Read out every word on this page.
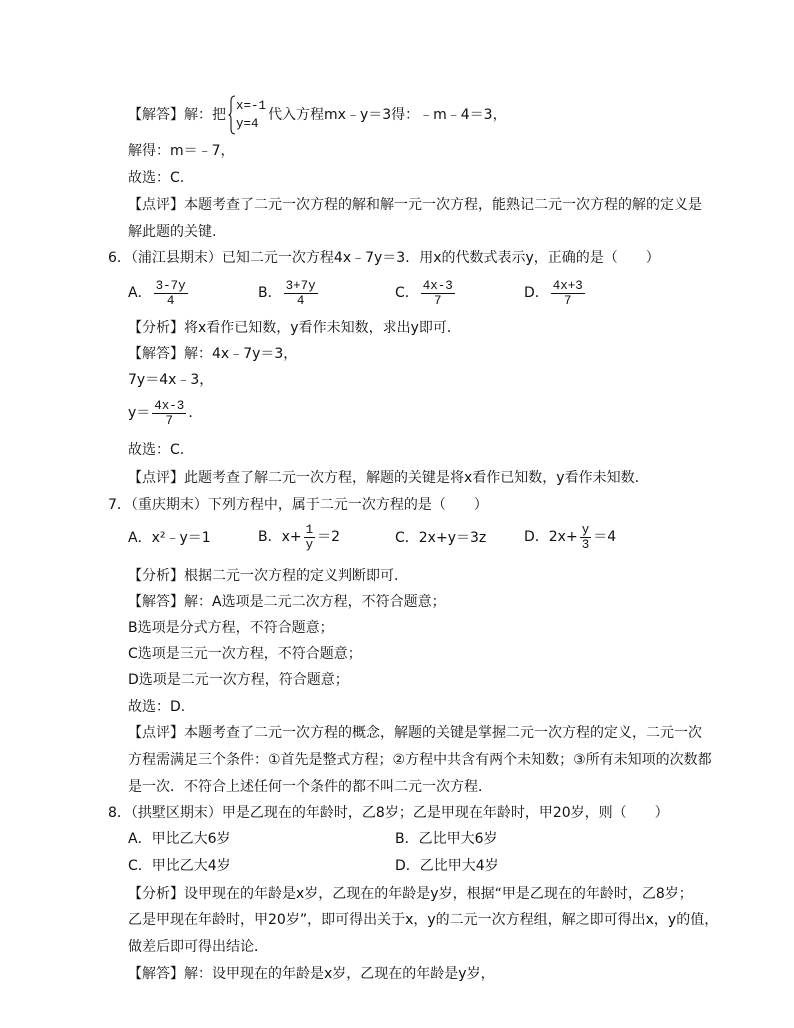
【解答】解：把
x=-1
y=4
代入方程mx﹣y＝3得：﹣m﹣4＝3，
解得：m＝﹣7，
故选：C.
【点评】本题考查了二元一次方程的解和解一元一次方程，能熟记二元一次方程的解的定义是
解此题的关键.
6．（浦江县期末）已知二元一次方程4x﹣7y＝3．用x的代数式表示y，正确的是（　　）
A． $\frac{3-7y}{4}$	B． $\frac{3+7y}{4}$	C． $\frac{4x-3}{7}$	D． $\frac{4x+3}{7}$
【分析】将x看作已知数，y看作未知数，求出y即可．
【解答】解：4x﹣7y＝3，
7y＝4x﹣3，
$y= \frac{4x-3}{7}$ ．
故选：C.
【点评】此题考查了解二元一次方程，解题的关键是将x看作已知数，y看作未知数.
7．（重庆期末）下列方程中，属于二元一次方程的是（　　）
A．x²﹣y＝1	B．$x+ \frac{1}{y} =2$	C．2x+y＝3z	D．$2x+ \frac{y}{3} =4$
【分析】根据二元一次方程的定义判断即可．
【解答】解：A选项是二元二次方程，不符合题意；
B选项是分式方程，不符合题意；
C选项是三元一次方程，不符合题意；
D选项是二元一次方程，符合题意；
故选：D.
【点评】本题考查了二元一次方程的概念，解题的关键是掌握二元一次方程的定义，二元一次
方程需满足三个条件：①首先是整式方程；②方程中共含有两个未知数；③所有未知项的次数都
是一次．不符合上述任何一个条件的都不叫二元一次方程．
8．（拱墅区期末）甲是乙现在的年龄时，乙8岁；乙是甲现在年龄时，甲20岁，则（　　）
A．甲比乙大6岁	B．乙比甲大6岁
C．甲比乙大4岁	D．乙比甲大4岁
【分析】设甲现在的年龄是x岁，乙现在的年龄是y岁，根据“甲是乙现在的年龄时，乙8岁；
乙是甲现在年龄时，甲20岁”，即可得出关于x，y的二元一次方程组，解之即可得出x，y的值，
做差后即可得出结论．
【解答】解：设甲现在的年龄是x岁，乙现在的年龄是y岁，
